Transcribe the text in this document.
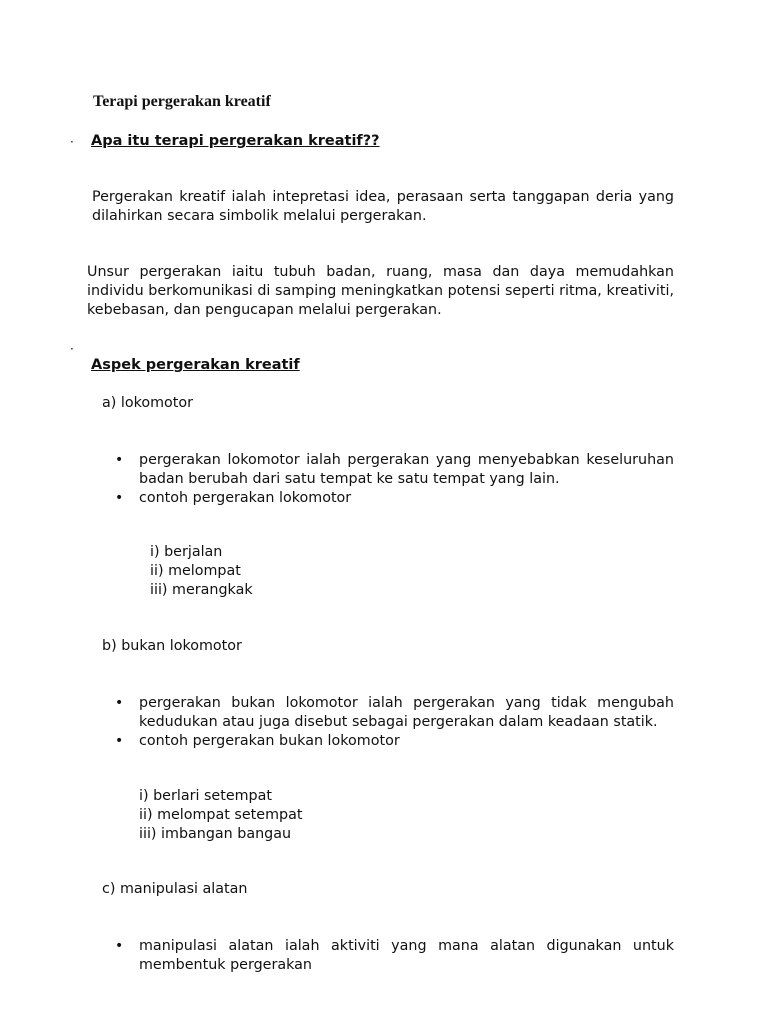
Terapi pergerakan kreatif
· Apa itu terapi pergerakan kreatif??
Pergerakan kreatif ialah intepretasi idea, perasaan serta tanggapan deria yang dilahirkan secara simbolik melalui pergerakan.
Unsur pergerakan iaitu tubuh badan, ruang, masa dan daya memudahkan individu berkomunikasi di samping meningkatkan potensi seperti ritma, kreativiti, kebebasan, dan pengucapan melalui pergerakan.
·
Aspek pergerakan kreatif
a) lokomotor
• pergerakan lokomotor ialah pergerakan yang menyebabkan keseluruhan badan berubah dari satu tempat ke satu tempat yang lain.
• contoh pergerakan lokomotor
i) berjalan
ii) melompat
iii) merangkak
b) bukan lokomotor
• pergerakan bukan lokomotor ialah pergerakan yang tidak mengubah kedudukan atau juga disebut sebagai pergerakan dalam keadaan statik.
• contoh pergerakan bukan lokomotor
i) berlari setempat
ii) melompat setempat
iii) imbangan bangau
c) manipulasi alatan
• manipulasi alatan ialah aktiviti yang mana alatan digunakan untuk membentuk pergerakan
